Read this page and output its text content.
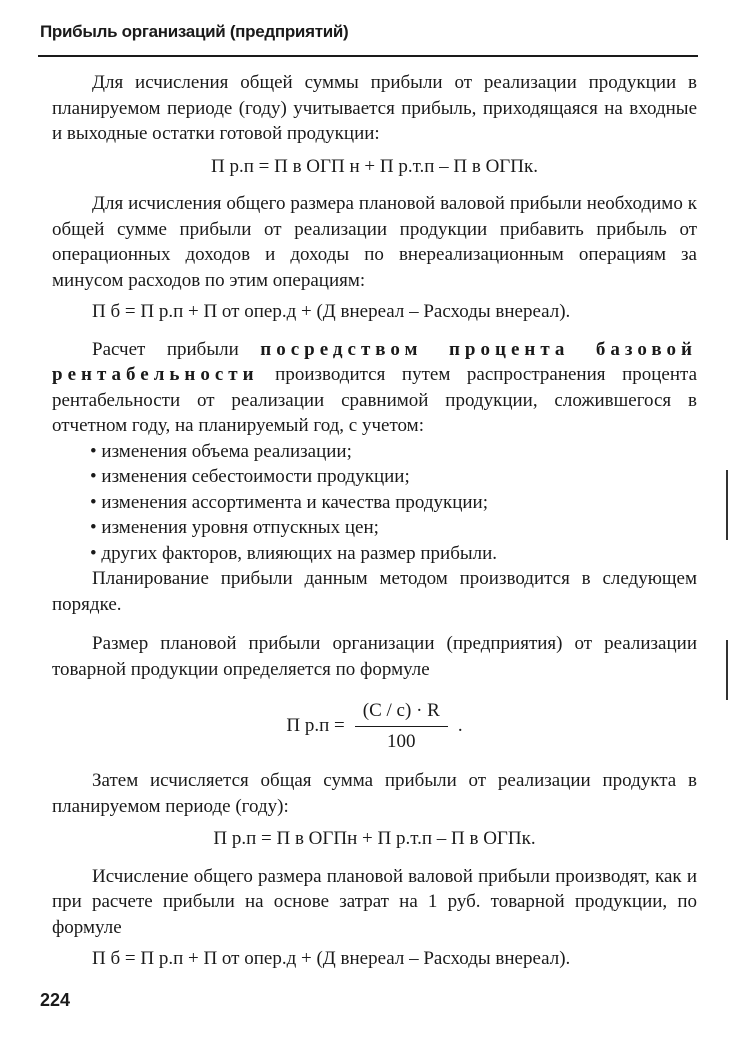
Прибыль организаций (предприятий)

Для исчисления общей суммы прибыли от реализации продукции в планируемом периоде (году) учитывается прибыль, приходящаяся на входные и выходные остатки готовой продукции:

П р.п = П в ОГП н + П р.т.п – П в ОГПк.

Для исчисления общего размера плановой валовой прибыли необходимо к общей сумме прибыли от реализации продукции прибавить прибыль от операционных доходов и доходы по внереализационным операциям за минусом расходов по этим операциям:

П б = П р.п + П от опер.д + (Д внереал – Расходы внереал).

Расчет прибыли посредством процента базовой рентабельности производится путем распространения процента рентабельности от реализации сравнимой продукции, сложившегося в отчетном году, на планируемый год, с учетом:

• изменения объема реализации;
• изменения себестоимости продукции;
• изменения ассортимента и качества продукции;
• изменения уровня отпускных цен;
• других факторов, влияющих на размер прибыли.

Планирование прибыли данным методом производится в следующем порядке.

Размер плановой прибыли организации (предприятия) от реализации товарной продукции определяется по формуле

П $р.п = \frac{(С / с) \cdot R}{100}$ .

Затем исчисляется общая сумма прибыли от реализации продукта в планируемом периоде (году):

П р.п = П в ОГПн + П р.т.п – П в ОГПк.

Исчисление общего размера плановой валовой прибыли производят, как и при расчете прибыли на основе затрат на 1 руб. товарной продукции, по формуле

П б = П р.п + П от опер.д + (Д внереал – Расходы внереал).
224
